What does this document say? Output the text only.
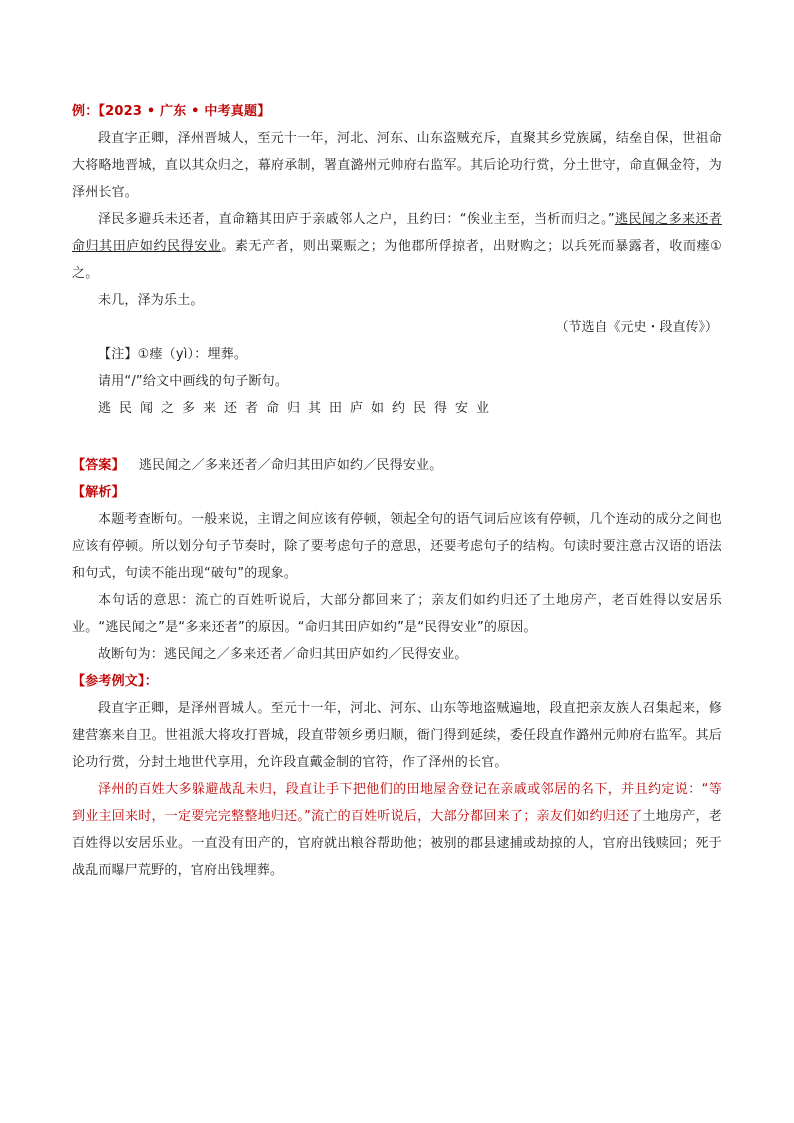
例：【2023 • 广东 • 中考真题】
段直字正卿，泽州晋城人，至元十一年，河北、河东、山东盗贼充斥，直聚其乡党族属，结垒自保，世祖命大将略地晋城，直以其众归之，幕府承制，署直潞州元帅府右监军。其后论功行赏，分土世守，命直佩金符，为泽州长官。
泽民多避兵未还者，直命籍其田庐于亲戚邻人之户，且约曰：“俟业主至，当析而归之。”逃民闻之多来还者命归其田庐如约民得安业。素无产者，则出粟赈之；为他郡所俘掠者，出财购之；以兵死而暴露者，收而瘗①之。
未几，泽为乐土。
（节选自《元史・段直传》）
【注】①瘗（yì）：埋葬。
请用“/”给文中画线的句子断句。
逃民闻之多来还者命归其田庐如约民得安业
【答案】 逃民闻之／多来还者／命归其田庐如约／民得安业。
【解析】
本题考查断句。一般来说，主谓之间应该有停顿，领起全句的语气词后应该有停顿，几个连动的成分之间也应该有停顿。所以划分句子节奏时，除了要考虑句子的意思，还要考虑句子的结构。句读时要注意古汉语的语法和句式，句读不能出现“破句”的现象。
本句话的意思：流亡的百姓听说后，大部分都回来了；亲友们如约归还了土地房产，老百姓得以安居乐业。“逃民闻之”是“多来还者”的原因。“命归其田庐如约”是“民得安业”的原因。
故断句为：逃民闻之／多来还者／命归其田庐如约／民得安业。
【参考例文】：
段直字正卿，是泽州晋城人。至元十一年，河北、河东、山东等地盗贼遍地，段直把亲友族人召集起来，修建营寨来自卫。世祖派大将攻打晋城，段直带领乡勇归顺，衙门得到延续，委任段直作潞州元帅府右监军。其后论功行赏，分封土地世代享用，允许段直戴金制的官符，作了泽州的长官。
泽州的百姓大多躲避战乱未归，段直让手下把他们的田地屋舍登记在亲戚或邻居的名下，并且约定说：“等到业主回来时，一定要完完整整地归还。”流亡的百姓听说后，大部分都回来了；亲友们如约归还了土地房产，老百姓得以安居乐业。一直没有田产的，官府就出粮谷帮助他；被别的郡县逮捕或劫掠的人，官府出钱赎回；死于战乱而曝尸荒野的，官府出钱埋葬。
